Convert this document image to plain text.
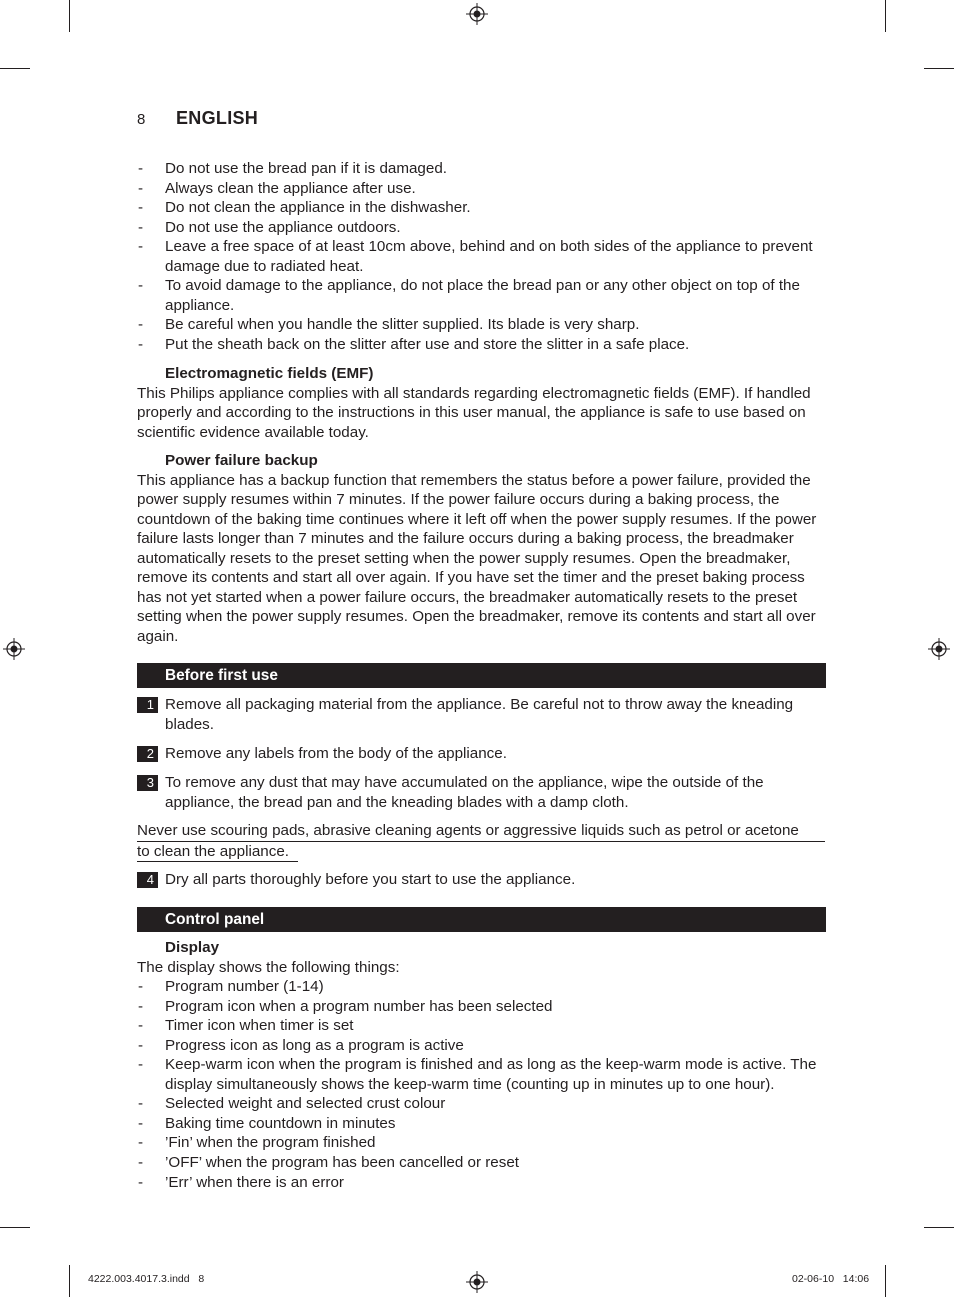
8	ENGLISH
- Do not use the bread pan if it is damaged.
- Always clean the appliance after use.
- Do not clean the appliance in the dishwasher.
- Do not use the appliance outdoors.
- Leave a free space of at least 10cm above, behind and on both sides of the appliance to prevent damage due to radiated heat.
- To avoid damage to the appliance, do not place the bread pan or any other object on top of the appliance.
- Be careful when you handle the slitter supplied. Its blade is very sharp.
- Put the sheath back on the slitter after use and store the slitter in a safe place.
Electromagnetic fields (EMF)

This Philips appliance complies with all standards regarding electromagnetic fields (EMF). If handled properly and according to the instructions in this user manual, the appliance is safe to use based on scientific evidence available today.

Power failure backup

This appliance has a backup function that remembers the status before a power failure, provided the power supply resumes within 7 minutes. If the power failure occurs during a baking process, the countdown of the baking time continues where it left off when the power supply resumes. If the power failure lasts longer than 7 minutes and the failure occurs during a baking process, the breadmaker automatically resets to the preset setting when the power supply resumes. Open the breadmaker, remove its contents and start all over again. If you have set the timer and the preset baking process has not yet started when a power failure occurs, the breadmaker automatically resets to the preset setting when the power supply resumes. Open the breadmaker, remove its contents and start all over again.

Before first use
1 Remove all packaging material from the appliance. Be careful not to throw away the kneading blades.
2 Remove any labels from the body of the appliance.
3 To remove any dust that may have accumulated on the appliance, wipe the outside of the appliance, the bread pan and the kneading blades with a damp cloth.
Never use scouring pads, abrasive cleaning agents or aggressive liquids such as petrol or acetone
to clean the appliance.
4 Dry all parts thoroughly before you start to use the appliance.
Control panel
Display

The display shows the following things:

- Program number (1-14)
- Program icon when a program number has been selected
- Timer icon when timer is set
- Progress icon as long as a program is active
- Keep-warm icon when the program is finished and as long as the keep-warm mode is active. The display simultaneously shows the keep-warm time (counting up in minutes up to one hour).
- Selected weight and selected crust colour
- Baking time countdown in minutes
- ’Fin’ when the program finished
- ’OFF’ when the program has been cancelled or reset
- ’Err’ when there is an error
4222.003.4017.3.indd   8	02-06-10   14:06
